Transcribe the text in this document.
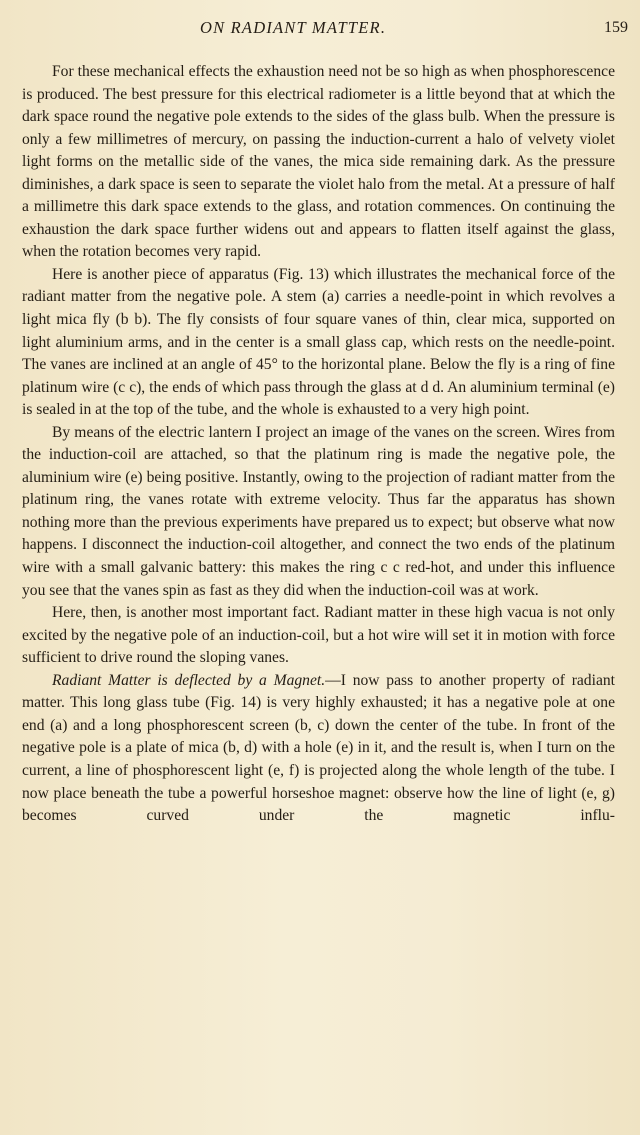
ON RADIANT MATTER.	159

For these mechanical effects the exhaustion need not be so high as when phosphorescence is produced. The best pressure for this electrical radiometer is a little beyond that at which the dark space round the negative pole extends to the sides of the glass bulb. When the pressure is only a few millimetres of mercury, on passing the induction-current a halo of velvety violet light forms on the metallic side of the vanes, the mica side remaining dark. As the pressure diminishes, a dark space is seen to separate the violet halo from the metal. At a pressure of half a millimetre this dark space extends to the glass, and rotation commences. On continuing the exhaustion the dark space further widens out and appears to flatten itself against the glass, when the rotation becomes very rapid.

Here is another piece of apparatus (Fig. 13) which illustrates the mechanical force of the radiant matter from the negative pole. A stem (a) carries a needle-point in which revolves a light mica fly (b b). The fly consists of four square vanes of thin, clear mica, supported on light aluminium arms, and in the center is a small glass cap, which rests on the needle-point. The vanes are inclined at an angle of 45° to the horizontal plane. Below the fly is a ring of fine platinum wire (c c), the ends of which pass through the glass at d d. An aluminium terminal (e) is sealed in at the top of the tube, and the whole is exhausted to a very high point.

By means of the electric lantern I project an image of the vanes on the screen. Wires from the induction-coil are attached, so that the platinum ring is made the negative pole, the aluminium wire (e) being positive. Instantly, owing to the projection of radiant matter from the platinum ring, the vanes rotate with extreme velocity. Thus far the apparatus has shown nothing more than the previous experiments have prepared us to expect; but observe what now happens. I disconnect the induction-coil altogether, and connect the two ends of the platinum wire with a small galvanic battery: this makes the ring c c red-hot, and under this influence you see that the vanes spin as fast as they did when the induction-coil was at work.

Here, then, is another most important fact. Radiant matter in these high vacua is not only excited by the negative pole of an induction-coil, but a hot wire will set it in motion with force sufficient to drive round the sloping vanes.

Radiant Matter is deflected by a Magnet.—I now pass to another property of radiant matter. This long glass tube (Fig. 14) is very highly exhausted; it has a negative pole at one end (a) and a long phosphorescent screen (b, c) down the center of the tube. In front of the negative pole is a plate of mica (b, d) with a hole (e) in it, and the result is, when I turn on the current, a line of phosphorescent light (e, f) is projected along the whole length of the tube. I now place beneath the tube a powerful horseshoe magnet: observe how the line of light (e, g) becomes curved under the magnetic influ-
